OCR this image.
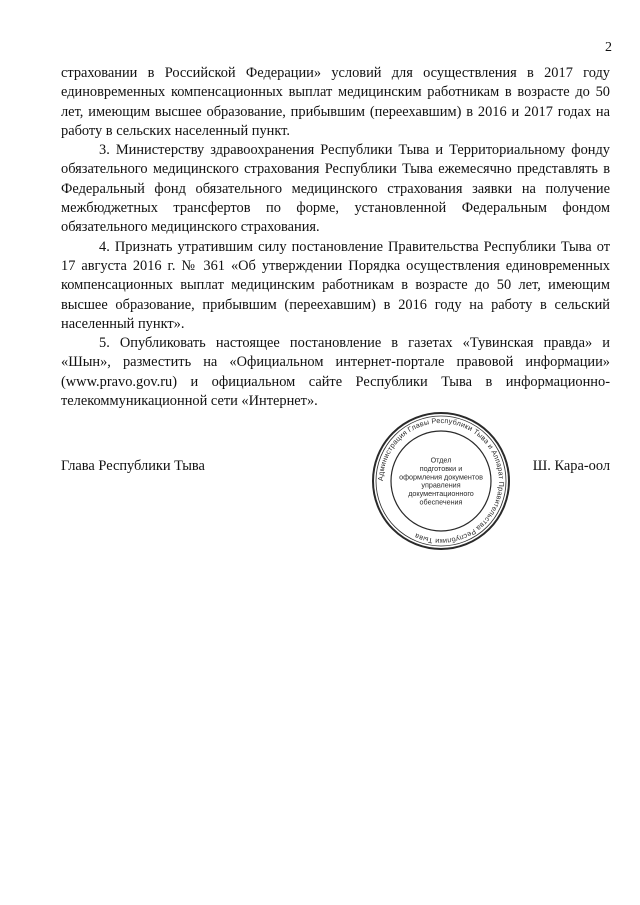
2

страховании в Российской Федерации» условий для осуществления в 2017 году единовременных компенсационных выплат медицинским работникам в возрасте до 50 лет, имеющим высшее образование, прибывшим (переехавшим) в 2016 и 2017 годах на работу в сельских населенный пункт.

3. Министерству здравоохранения Республики Тыва и Территориальному фонду обязательного медицинского страхования Республики Тыва ежемесячно представлять в Федеральный фонд обязательного медицинского страхования заявки на получение межбюджетных трансфертов по форме, установленной Федеральным фондом обязательного медицинского страхования.

4. Признать утратившим силу постановление Правительства Республики Тыва от 17 августа 2016 г. № 361 «Об утверждении Порядка осуществления единовременных компенсационных выплат медицинским работникам в возрасте до 50 лет, имеющим высшее образование, прибывшим (переехавшим) в 2016 году на работу в сельский населенный пункт».

5. Опубликовать настоящее постановление в газетах «Тувинская правда» и «Шын», разместить на «Официальном интернет-портале правовой информации» (www.pravo.gov.ru) и официальном сайте Республики Тыва в информационно-телекоммуникационной сети «Интернет».

Глава Республики Тыва	Ш. Кара-оол
Администрация Главы Республики Тыва и Аппарат Правительства Республики Тыва
Отдел
подготовки и
оформления документов
управления
документационного
обеспечения
